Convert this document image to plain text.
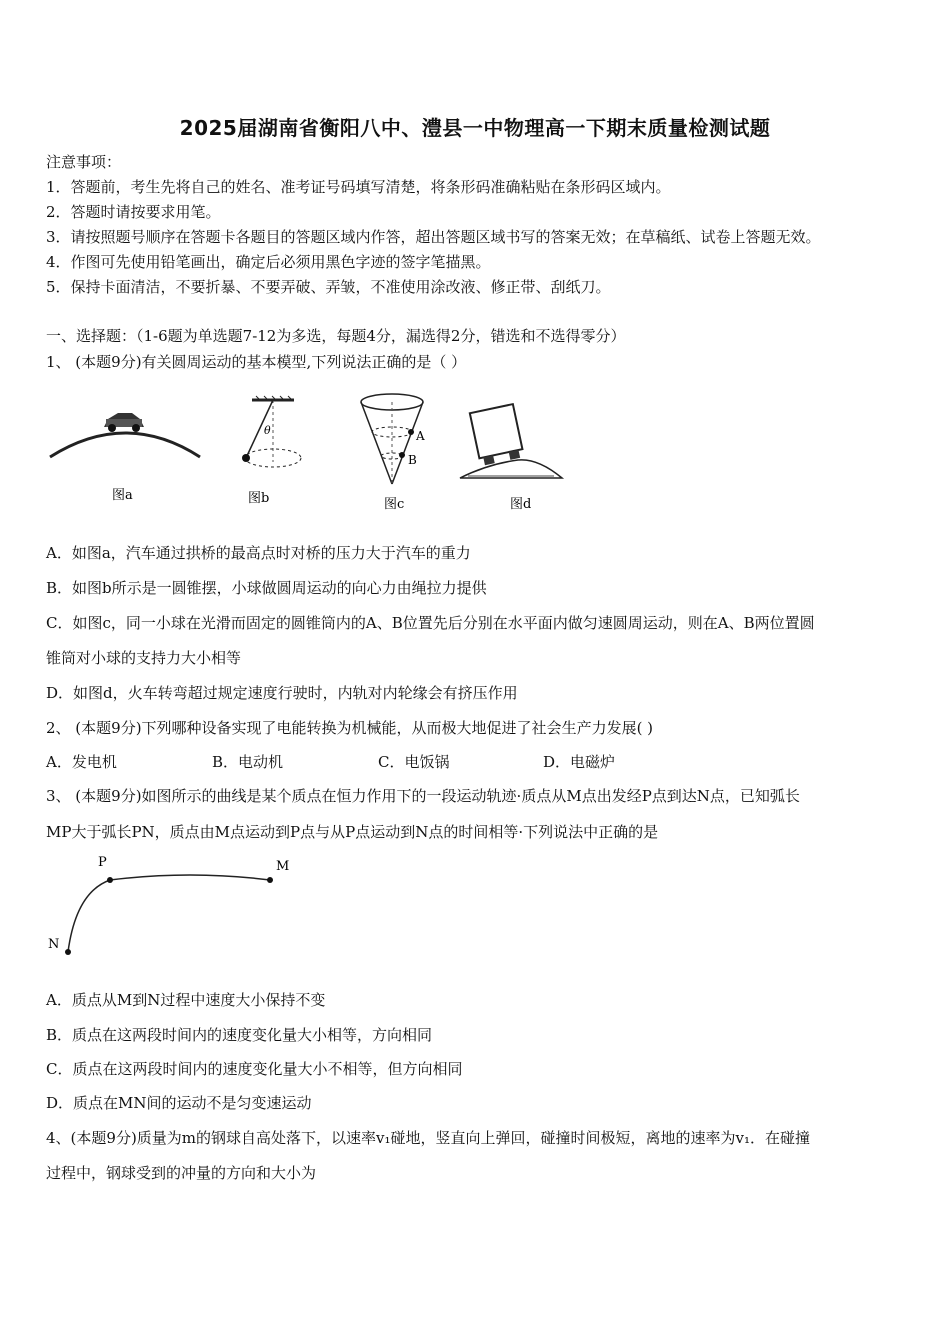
2025届湖南省衡阳八中、澧县一中物理高一下期末质量检测试题
注意事项：
1．答题前，考生先将自己的姓名、准考证号码填写清楚，将条形码准确粘贴在条形码区域内。
2．答题时请按要求用笔。
3．请按照题号顺序在答题卡各题目的答题区域内作答，超出答题区域书写的答案无效；在草稿纸、试卷上答题无效。
4．作图可先使用铅笔画出，确定后必须用黑色字迹的签字笔描黑。
5．保持卡面清洁，不要折暴、不要弄破、弄皱，不准使用涂改液、修正带、刮纸刀。
一、选择题：（1-6题为单选题7-12为多选，每题4分，漏选得2分，错选和不选得零分）
1、 (本题9分)有关圆周运动的基本模型,下列说法正确的是（ ）
图a
θ
图b
A
B
图c	图d
A．如图a，汽车通过拱桥的最高点时对桥的压力大于汽车的重力
B．如图b所示是一圆锥摆，小球做圆周运动的向心力由绳拉力提供
C．如图c，同一小球在光滑而固定的圆锥筒内的A、B位置先后分别在水平面内做匀速圆周运动，则在A、B两位置圆
锥筒对小球的支持力大小相等
D．如图d，火车转弯超过规定速度行驶时，内轨对内轮缘会有挤压作用
2、 (本题9分)下列哪种设备实现了电能转换为机械能，从而极大地促进了社会生产力发展( )
A．发电机	B．电动机	C．电饭锅	D．电磁炉
3、 (本题9分)如图所示的曲线是某个质点在恒力作用下的一段运动轨迹·质点从M点出发经P点到达N点，已知弧长
MP大于弧长PN，质点由M点运动到P点与从P点运动到N点的时间相等·下列说法中正确的是
P	M
N
A．质点从M到N过程中速度大小保持不变
B．质点在这两段时间内的速度变化量大小相等，方向相同
C．质点在这两段时间内的速度变化量大小不相等，但方向相同
D．质点在MN间的运动不是匀变速运动
4、(本题9分)质量为m的钢球自高处落下，以速率v₁碰地，竖直向上弹回，碰撞时间极短，离地的速率为v₁．在碰撞
过程中，钢球受到的冲量的方向和大小为
